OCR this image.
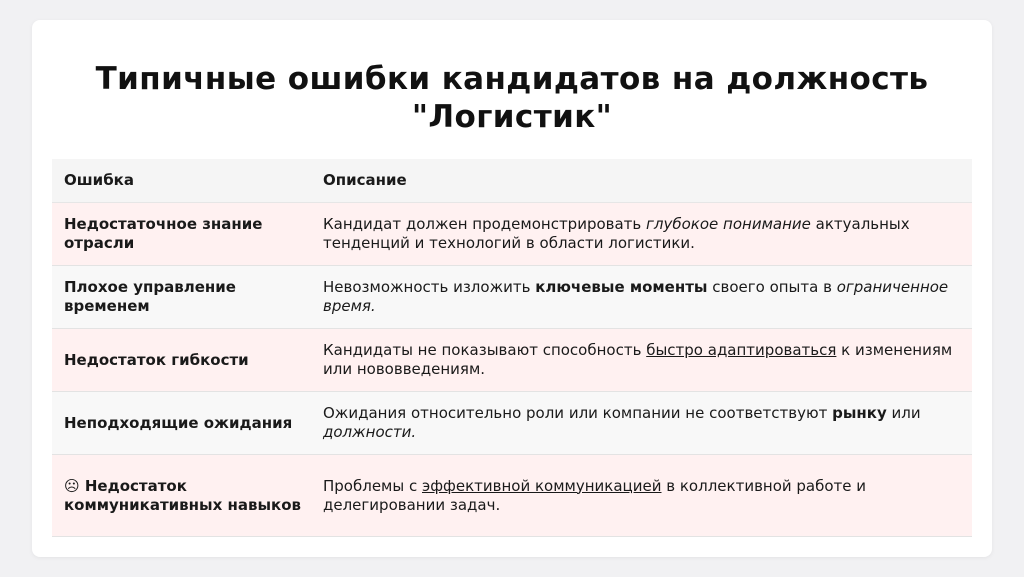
Типичные ошибки кандидатов на должность
"Логистик"
Ошибка	Описание
Недостаточное знание отрасли
Кандидат должен продемонстрировать глубокое понимание актуальных тенденций и технологий в области логистики.
Плохое управление временем
Невозможность изложить ключевые моменты своего опыта в ограниченное время.
Недостаток гибкости
Кандидаты не показывают способность быстро адаптироваться к изменениям или нововведениям.
Неподходящие ожидания
Ожидания относительно роли или компании не соответствуют рынку или должности.
☹ Недостаток коммуникативных навыков
Проблемы с эффективной коммуникацией в коллективной работе и делегировании задач.
